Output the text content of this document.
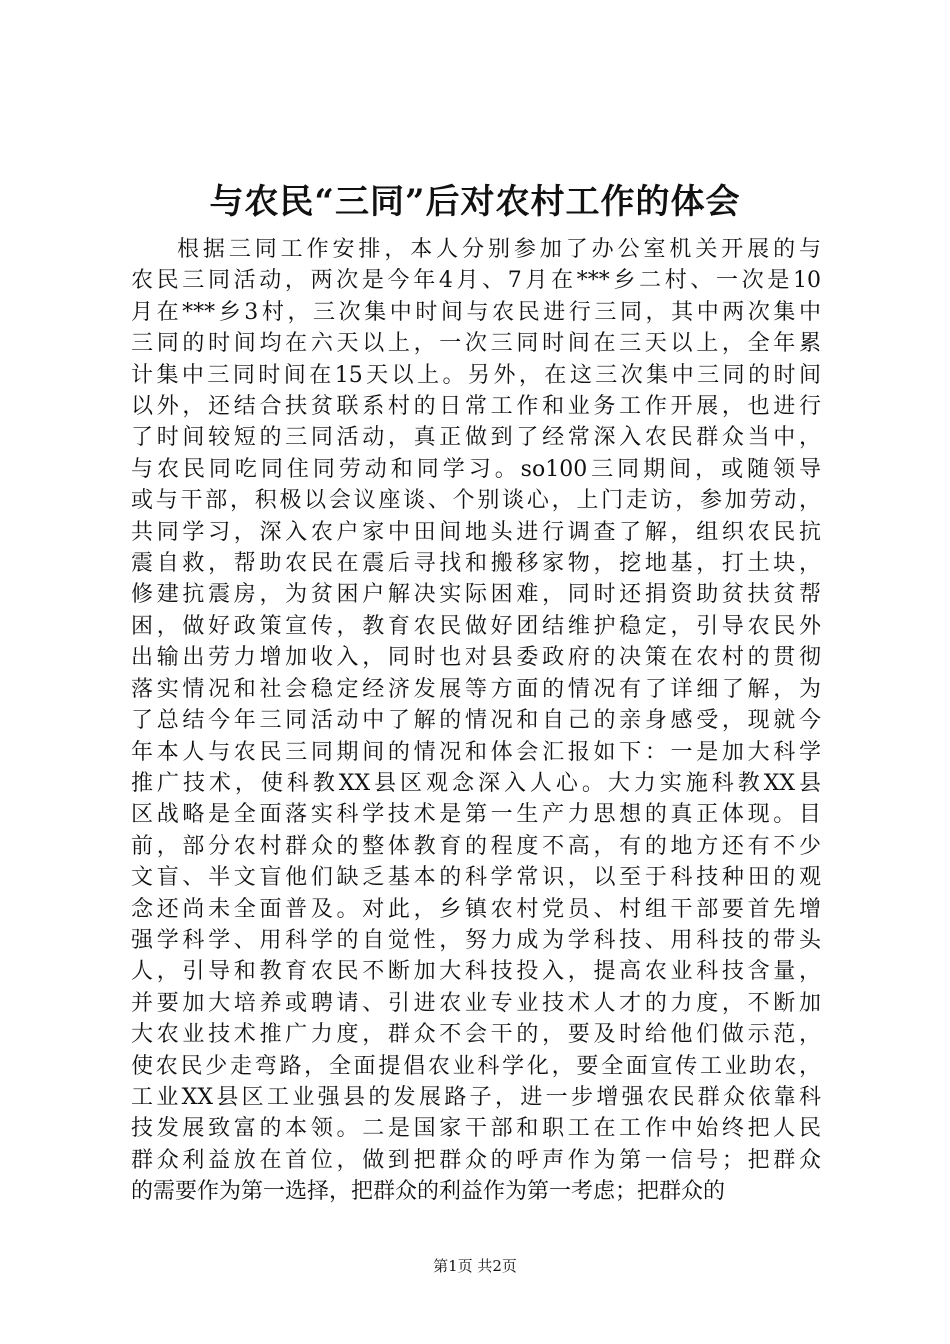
与农民“三同”后对农村工作的体会
根据三同工作安排，本人分别参加了办公室机关开展的与
农民三同活动，两次是今年4月、7月在***乡二村、一次是10
月在***乡3村，三次集中时间与农民进行三同，其中两次集中
三同的时间均在六天以上，一次三同时间在三天以上，全年累
计集中三同时间在15天以上。另外，在这三次集中三同的时间
以外，还结合扶贫联系村的日常工作和业务工作开展，也进行
了时间较短的三同活动，真正做到了经常深入农民群众当中，
与农民同吃同住同劳动和同学习。so100三同期间，或随领导
或与干部，积极以会议座谈、个别谈心，上门走访，参加劳动，
共同学习，深入农户家中田间地头进行调查了解，组织农民抗
震自救，帮助农民在震后寻找和搬移家物，挖地基，打土块，
修建抗震房，为贫困户解决实际困难，同时还捐资助贫扶贫帮
困，做好政策宣传，教育农民做好团结维护稳定，引导农民外
出输出劳力增加收入，同时也对县委政府的决策在农村的贯彻
落实情况和社会稳定经济发展等方面的情况有了详细了解，为
了总结今年三同活动中了解的情况和自己的亲身感受，现就今
年本人与农民三同期间的情况和体会汇报如下：一是加大科学
推广技术，使科教XX县区观念深入人心。大力实施科教XX县
区战略是全面落实科学技术是第一生产力思想的真正体现。目
前，部分农村群众的整体教育的程度不高，有的地方还有不少
文盲、半文盲他们缺乏基本的科学常识，以至于科技种田的观
念还尚未全面普及。对此，乡镇农村党员、村组干部要首先增
强学科学、用科学的自觉性，努力成为学科技、用科技的带头
人，引导和教育农民不断加大科技投入，提高农业科技含量，
并要加大培养或聘请、引进农业专业技术人才的力度，不断加
大农业技术推广力度，群众不会干的，要及时给他们做示范，
使农民少走弯路，全面提倡农业科学化，要全面宣传工业助农，
工业XX县区工业强县的发展路子，进一步增强农民群众依靠科
技发展致富的本领。二是国家干部和职工在工作中始终把人民
群众利益放在首位，做到把群众的呼声作为第一信号；把群众
的需要作为第一选择，把群众的利益作为第一考虑；把群众的
第1页 共2页
